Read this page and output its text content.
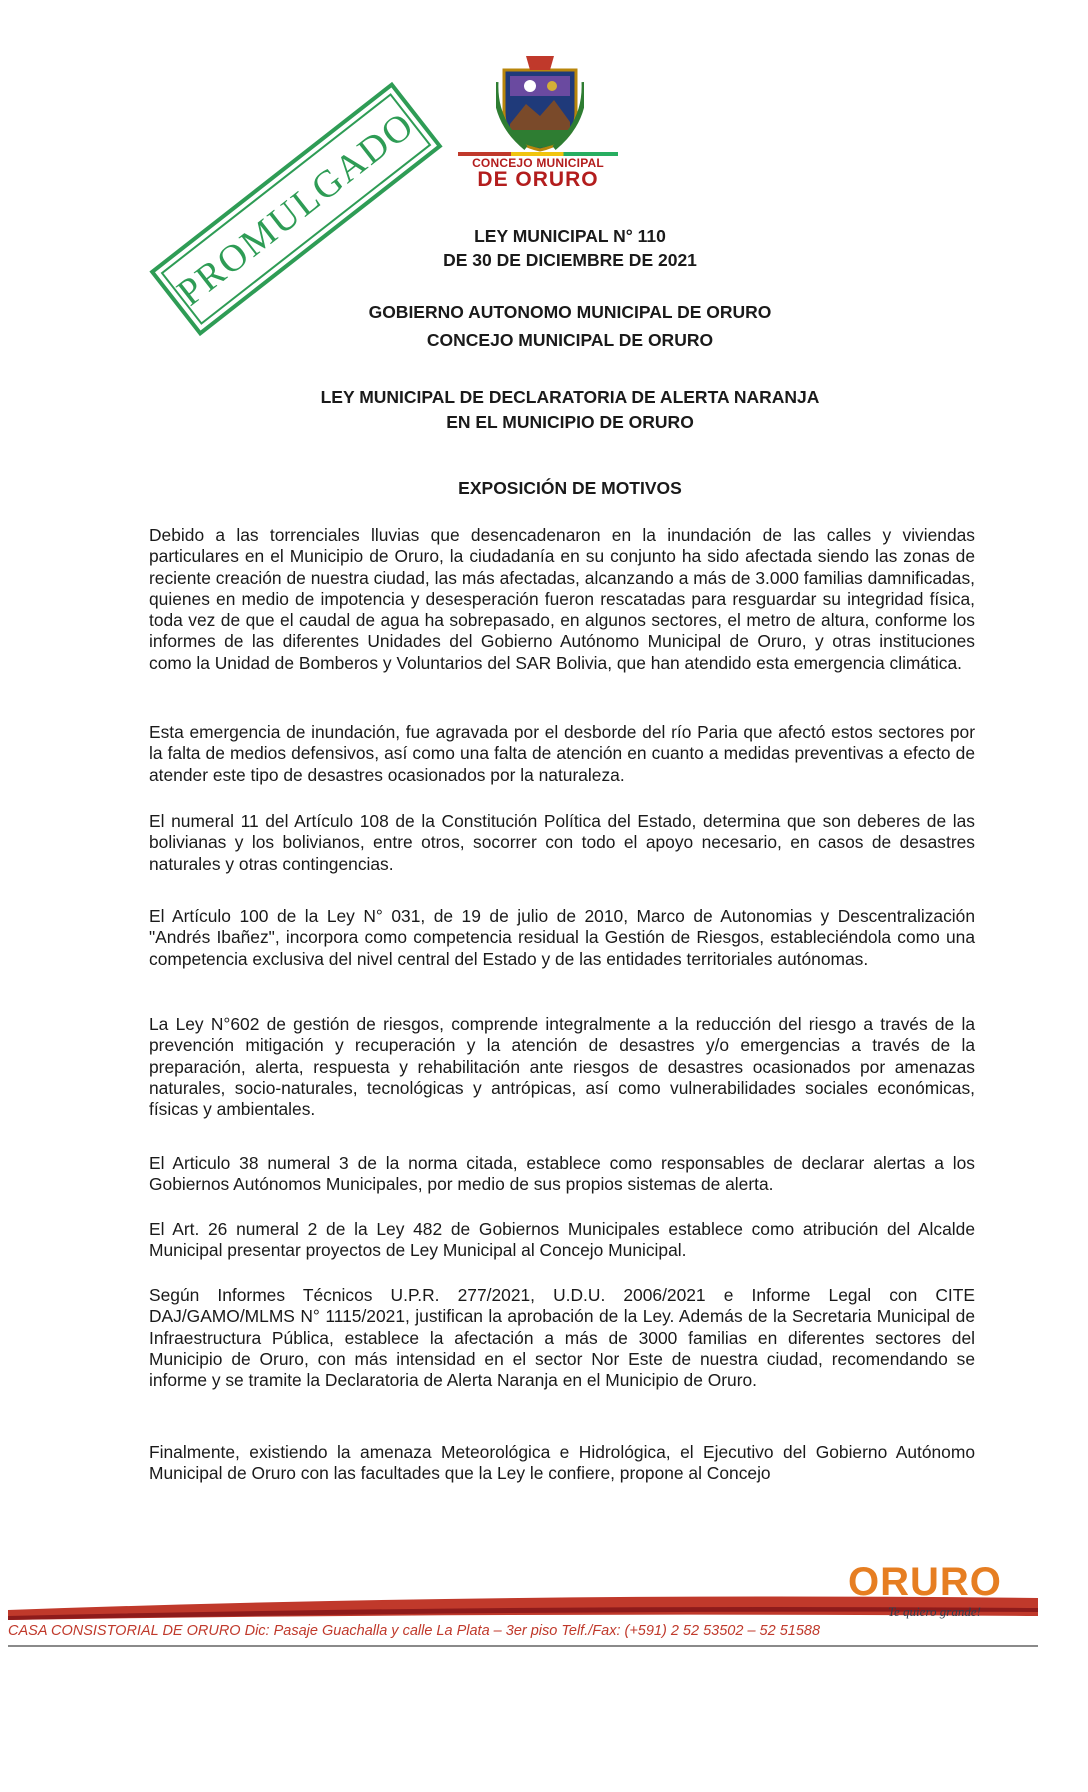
CONCEJO MUNICIPAL
DE ORURO
PROMULGADO	LEY MUNICIPAL N° 110
DE 30 DE DICIEMBRE DE 2021
GOBIERNO AUTONOMO MUNICIPAL DE ORURO
CONCEJO MUNICIPAL DE ORURO
LEY MUNICIPAL DE DECLARATORIA DE ALERTA NARANJA
EN EL MUNICIPIO DE ORURO
EXPOSICIÓN DE MOTIVOS

Debido a las torrenciales lluvias que desencadenaron en la inundación de las calles y viviendas particulares en el Municipio de Oruro, la ciudadanía en su conjunto ha sido afectada siendo las zonas de reciente creación de nuestra ciudad, las más afectadas, alcanzando a más de 3.000 familias damnificadas, quienes en medio de impotencia y desesperación fueron rescatadas para resguardar su integridad física, toda vez de que el caudal de agua ha sobrepasado, en algunos sectores, el metro de altura, conforme los informes de las diferentes Unidades del Gobierno Autónomo Municipal de Oruro, y otras instituciones como la Unidad de Bomberos y Voluntarios del SAR Bolivia, que han atendido esta emergencia climática.

Esta emergencia de inundación, fue agravada por el desborde del río Paria que afectó estos sectores por la falta de medios defensivos, así como una falta de atención en cuanto a medidas preventivas a efecto de atender este tipo de desastres ocasionados por la naturaleza.

El numeral 11 del Artículo 108 de la Constitución Política del Estado, determina que son deberes de las bolivianas y los bolivianos, entre otros, socorrer con todo el apoyo necesario, en casos de desastres naturales y otras contingencias.

El Artículo 100 de la Ley N° 031, de 19 de julio de 2010, Marco de Autonomias y Descentralización "Andrés Ibañez", incorpora como competencia residual la Gestión de Riesgos, estableciéndola como una competencia exclusiva del nivel central del Estado y de las entidades territoriales autónomas.

La Ley N°602 de gestión de riesgos, comprende integralmente a la reducción del riesgo a través de la prevención mitigación y recuperación y la atención de desastres y/o emergencias a través de la preparación, alerta, respuesta y rehabilitación ante riesgos de desastres ocasionados por amenazas naturales, socio-naturales, tecnológicas y antrópicas, así como vulnerabilidades sociales económicas, físicas y ambientales.

El Articulo 38 numeral 3 de la norma citada, establece como responsables de declarar alertas a los Gobiernos Autónomos Municipales, por medio de sus propios sistemas de alerta.

El Art. 26 numeral 2 de la Ley 482 de Gobiernos Municipales establece como atribución del Alcalde Municipal presentar proyectos de Ley Municipal al Concejo Municipal.

Según Informes Técnicos U.P.R. 277/2021, U.D.U. 2006/2021 e Informe Legal con CITE DAJ/GAMO/MLMS N° 1115/2021, justifican la aprobación de la Ley. Además de la Secretaria Municipal de Infraestructura Pública, establece la afectación a más de 3000 familias en diferentes sectores del Municipio de Oruro, con más intensidad en el sector Nor Este de nuestra ciudad, recomendando se informe y se tramite la Declaratoria de Alerta Naranja en el Municipio de Oruro.

Finalmente, existiendo la amenaza Meteorológica e Hidrológica, el Ejecutivo del Gobierno Autónomo Municipal de Oruro con las facultades que la Ley le confiere, propone al Concejo

ORURO
Te quiero grande!
CASA CONSISTORIAL DE ORURO Dic: Pasaje Guachalla y calle La Plata – 3er piso Telf./Fax: (+591) 2 52 53502 – 52 51588
